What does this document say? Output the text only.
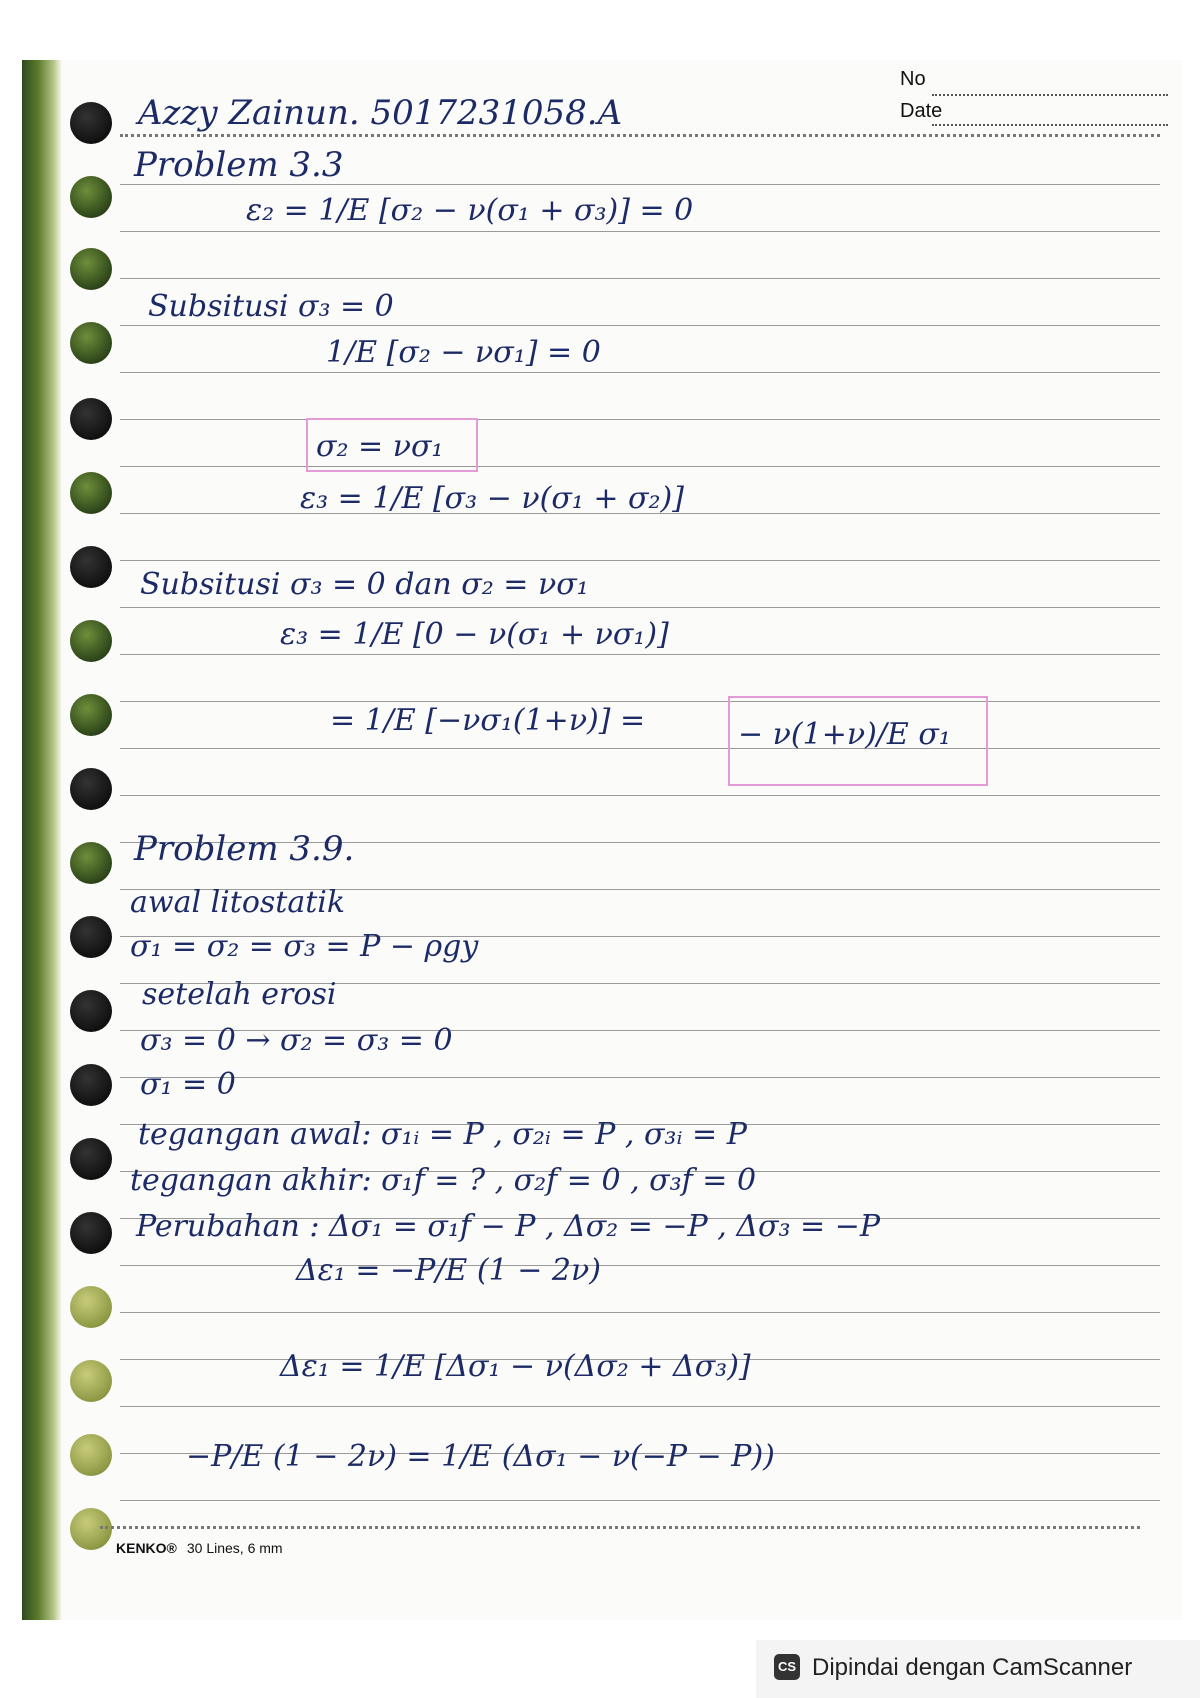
No
Date
Azzy Zainun. 5017231058.A
Problem 3.3
ε₂ = 1/E [σ₂ − ν(σ₁ + σ₃)] = 0
Subsitusi σ₃ = 0
1/E [σ₂ − νσ₁] = 0
σ₂ = νσ₁
ε₃ = 1/E [σ₃ − ν(σ₁ + σ₂)]
Subsitusi σ₃ = 0 dan σ₂ = νσ₁
ε₃ = 1/E [0 − ν(σ₁ + νσ₁)]
= 1/E [−νσ₁(1+ν)] =	− ν(1+ν)/E σ₁
Problem 3.9.
awal litostatik
σ₁ = σ₂ = σ₃ = P − ρgy
setelah erosi
σ₃ = 0 → σ₂ = σ₃ = 0
σ₁ = 0
tegangan awal: σ₁ᵢ = P , σ₂ᵢ = P , σ₃ᵢ = P
tegangan akhir: σ₁f = ? , σ₂f = 0 , σ₃f = 0
Perubahan : Δσ₁ = σ₁f − P , Δσ₂ = −P , Δσ₃ = −P
Δε₁ = −P/E (1 − 2ν)
Δε₁ = 1/E [Δσ₁ − ν(Δσ₂ + Δσ₃)]
−P/E (1 − 2ν) = 1/E (Δσ₁ − ν(−P − P))
KENKO® 30 Lines, 6 mm
CS Dipindai dengan CamScanner
